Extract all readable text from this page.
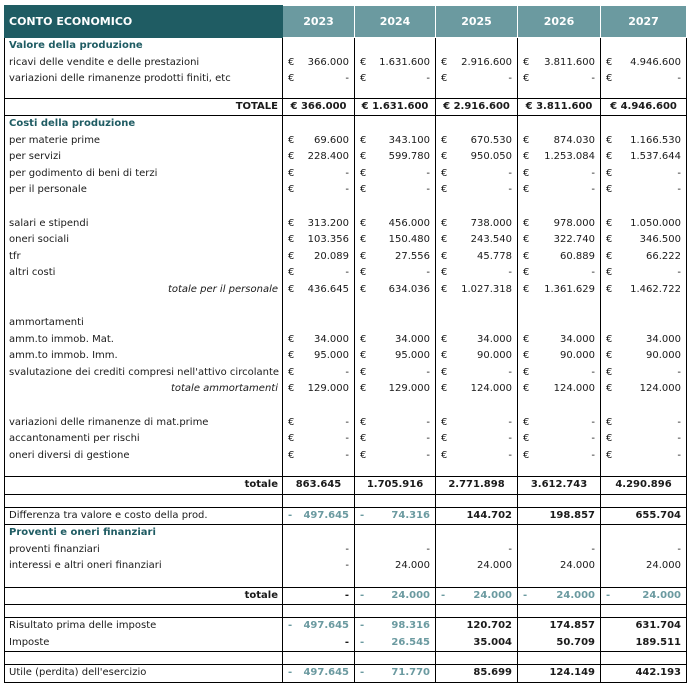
CONTO ECONOMICO	2023	2024	2025	2026	2027
Valore della produzione					
ricavi delle vendite e delle prestazioni	€ 366.000	€ 1.631.600	€ 2.916.600	€ 3.811.600	€ 4.946.600

variazioni delle rimanenze prodotti finiti, etc	€ -	€ -	€ -	€ -	€ -

TOTALE	€ 366.000	€ 1.631.600	€ 2.916.600	€ 3.811.600	€ 4.946.600

Costi della produzione					
per materie prime	€ 69.600	€ 343.100	€ 670.530	€ 874.030	€ 1.166.530

per servizi	€ 228.400	€ 599.780	€ 950.050	€ 1.253.084	€ 1.537.644

per godimento di beni di terzi	€ -	€ -	€ -	€ -	€ -

per il personale	€ -	€ -	€ -	€ -	€ -

salari e stipendi	€ 313.200	€ 456.000	€ 738.000	€ 978.000	€ 1.050.000

oneri sociali	€ 103.356	€ 150.480	€ 243.540	€ 322.740	€ 346.500

tfr	€ 20.089	€ 27.556	€ 45.778	€ 60.889	€ 66.222

altri costi	€ -	€ -	€ -	€ -	€ -

totale per il personale	€ 436.645	€ 634.036	€ 1.027.318	€ 1.361.629	€ 1.462.722

ammortamenti					
amm.to immob. Mat.	€ 34.000	€ 34.000	€ 34.000	€ 34.000	€ 34.000

amm.to immob. Imm.	€ 95.000	€ 95.000	€ 90.000	€ 90.000	€ 90.000

svalutazione dei crediti compresi nell'attivo circolante	€ -	€ -	€ -	€ -	€ -

totale ammortamenti	€ 129.000	€ 129.000	€ 124.000	€ 124.000	€ 124.000

variazioni delle rimanenze di mat.prime	€ -	€ -	€ -	€ -	€ -

accantonamenti per rischi	€ -	€ -	€ -	€ -	€ -

oneri diversi di gestione	€ -	€ -	€ -	€ -	€ -

totale	863.645	1.705.916	2.771.898	3.612.743	4.290.896

Differenza tra valore e costo della prod.	- 497.645	- 74.316	144.702	198.857	655.704

Proventi e oneri finanziari					
proventi finanziari	-	-	-	-	-

interessi e altri oneri finanziari	-	24.000	24.000	24.000	24.000

totale	-	- 24.000	- 24.000	- 24.000	- 24.000

Risultato prima delle imposte	- 497.645	- 98.316	120.702	174.857	631.704

Imposte	-	- 26.545	35.004	50.709	189.511

Utile (perdita) dell'esercizio	- 497.645	- 71.770	85.699	124.149	442.193
